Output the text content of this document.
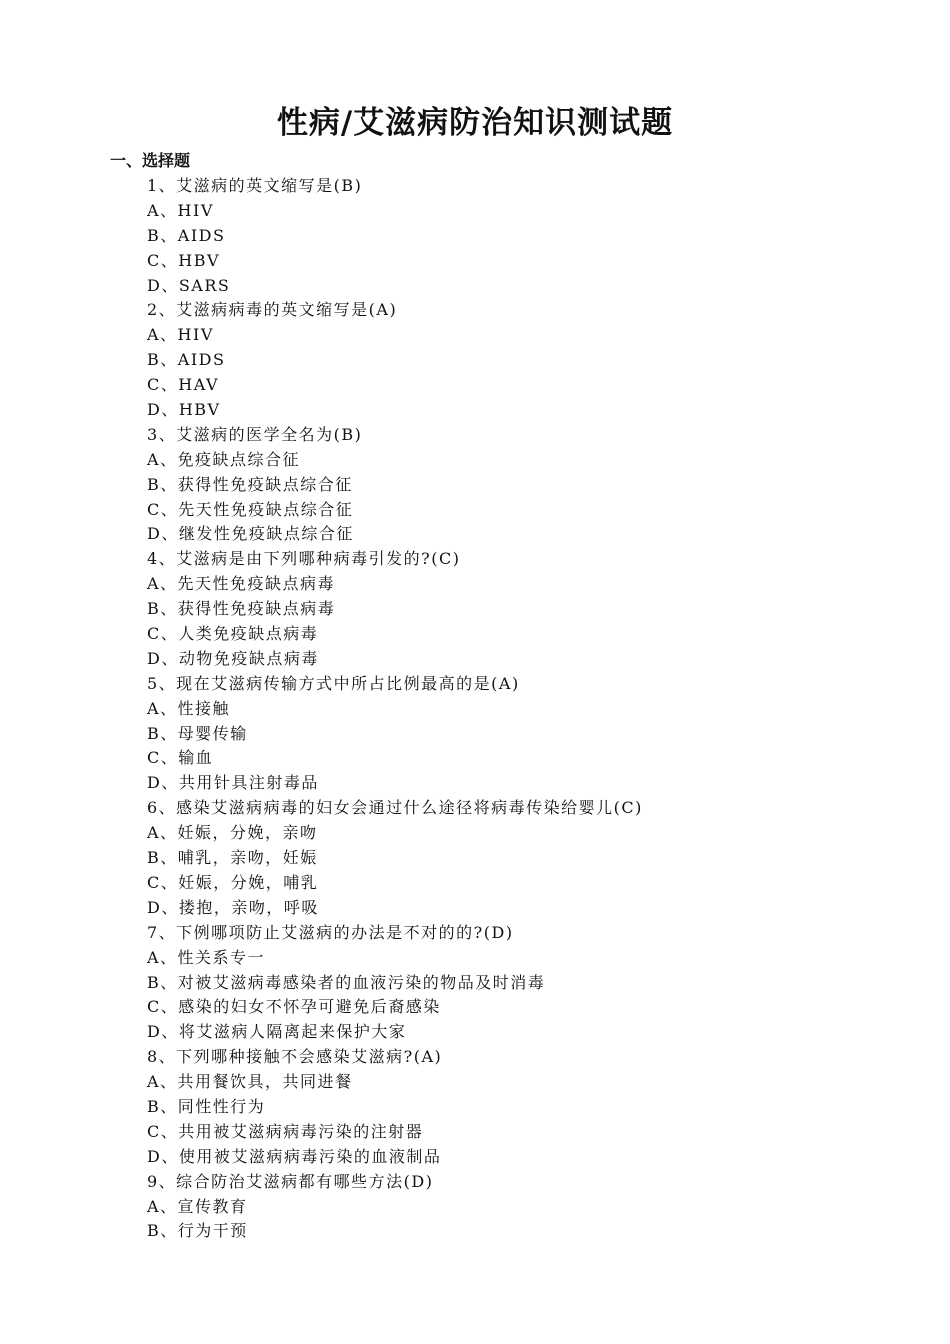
性病/艾滋病防治知识测试题
一、选择题
1、艾滋病的英文缩写是(B)
A、HIV
B、AIDS
C、HBV
D、SARS
2、艾滋病病毒的英文缩写是(A)
A、HIV
B、AIDS
C、HAV
D、HBV
3、艾滋病的医学全名为(B)
A、免疫缺点综合征
B、获得性免疫缺点综合征
C、先天性免疫缺点综合征
D、继发性免疫缺点综合征
4、艾滋病是由下列哪种病毒引发的?(C)
A、先天性免疫缺点病毒
B、获得性免疫缺点病毒
C、人类免疫缺点病毒
D、动物免疫缺点病毒
5、现在艾滋病传输方式中所占比例最高的是(A)
A、性接触
B、母婴传输
C、输血
D、共用针具注射毒品
6、感染艾滋病病毒的妇女会通过什么途径将病毒传染给婴儿(C)
A、妊娠，分娩，亲吻
B、哺乳，亲吻，妊娠
C、妊娠，分娩，哺乳
D、搂抱，亲吻，呼吸
7、下例哪项防止艾滋病的办法是不对的的?(D)
A、性关系专一
B、对被艾滋病毒感染者的血液污染的物品及时消毒
C、感染的妇女不怀孕可避免后裔感染
D、将艾滋病人隔离起来保护大家
8、下列哪种接触不会感染艾滋病?(A)
A、共用餐饮具，共同进餐
B、同性性行为
C、共用被艾滋病病毒污染的注射器
D、使用被艾滋病病毒污染的血液制品
9、综合防治艾滋病都有哪些方法(D)
A、宣传教育
B、行为干预
